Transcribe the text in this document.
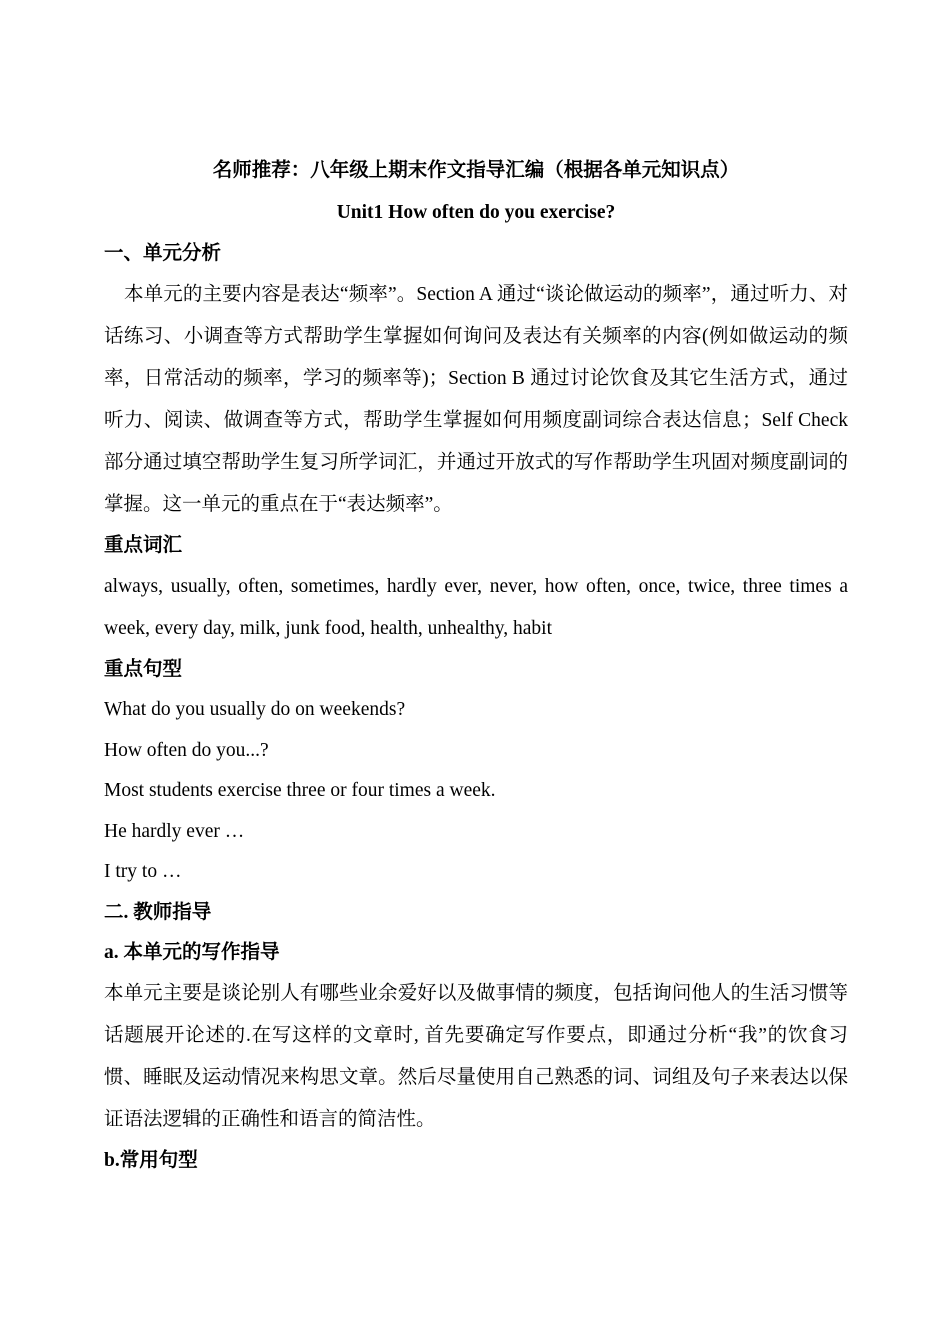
名师推荐：八年级上期末作文指导汇编（根据各单元知识点）

Unit1 How often do you exercise?

一、单元分析

本单元的主要内容是表达“频率”。Section A 通过“谈论做运动的频率”，通过听力、对话练习、小调查等方式帮助学生掌握如何询问及表达有关频率的内容(例如做运动的频率，日常活动的频率，学习的频率等)；Section B 通过讨论饮食及其它生活方式，通过听力、阅读、做调查等方式，帮助学生掌握如何用频度副词综合表达信息；Self Check 部分通过填空帮助学生复习所学词汇，并通过开放式的写作帮助学生巩固对频度副词的掌握。这一单元的重点在于“表达频率”。

重点词汇

always, usually, often, sometimes, hardly ever, never, how often, once, twice, three times a week, every day, milk, junk food, health, unhealthy, habit

重点句型

What do you usually do on weekends?

How often do you...?

Most students exercise three or four times a week.

He hardly ever …

I try to …

二. 教师指导

a. 本单元的写作指导

本单元主要是谈论别人有哪些业余爱好以及做事情的频度，包括询问他人的生活习惯等话题展开论述的.在写这样的文章时, 首先要确定写作要点，即通过分析“我”的饮食习惯、睡眠及运动情况来构思文章。然后尽量使用自己熟悉的词、词组及句子来表达以保证语法逻辑的正确性和语言的简洁性。

b.常用句型
